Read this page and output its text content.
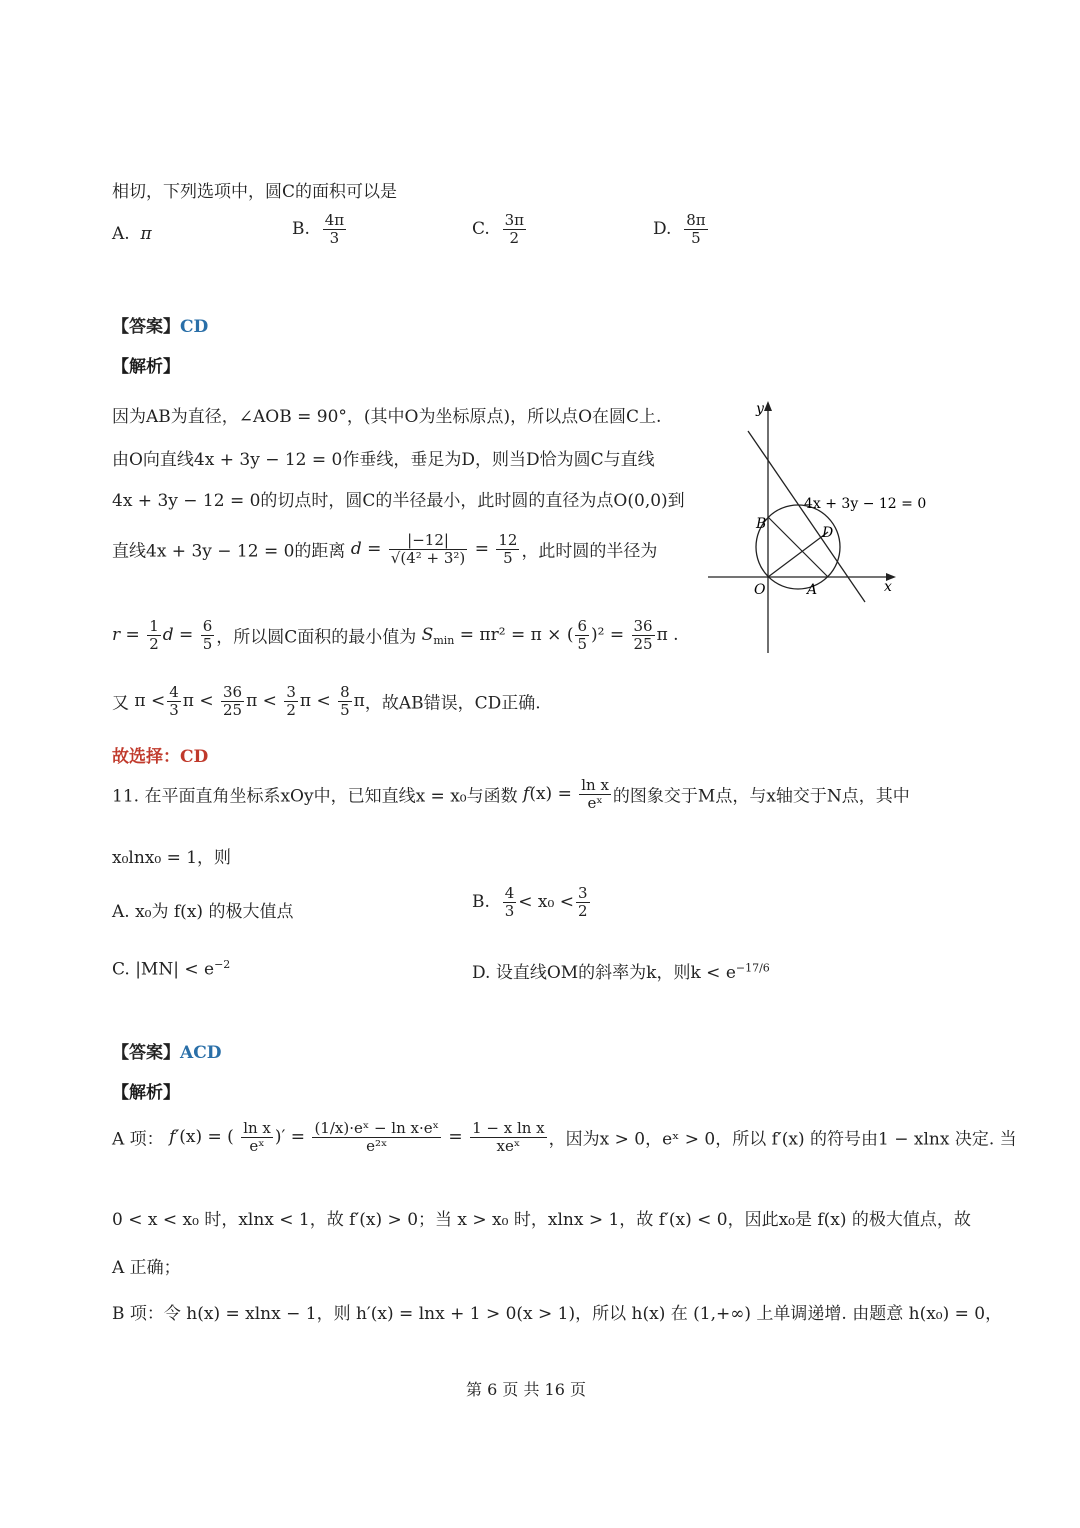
相切，下列选项中，圆C的面积可以是
A. π	B. $\frac{4\pi}{3}$	C. $\frac{3\pi}{2}$	D. $\frac{8\pi}{5}$
【答案】CD
【解析】
因为AB为直径，∠AOB = 90°，(其中O为坐标原点)，所以点O在圆C上.
由O向直线4x + 3y − 12 = 0作垂线，垂足为D，则当D恰为圆C与直线
4x + 3y − 12 = 0的切点时，圆C的半径最小，此时圆的直径为点O(0,0)到
直线4x + 3y − 12 = 0的距离 $d = \frac{|-12|}{\text{√(4² + 3²)}} = \frac{12}{5}$ ，此时圆的半径为
$r = \frac{1}{2}$ $d = \frac{6}{5}$ ，所以圆C面积的最小值为 $S_{min} = \pi r^2 = \pi$ × ( $\frac{6}{5} )^2 = \frac{36}{25}$ π .
又 $\pi < \frac{4}{3}$ $\pi < \frac{36}{25}$ $\pi < \frac{3}{2}$ $\pi < \frac{8}{5}$ π，故AB错误，CD正确.
故选择：CD
y
x
O	A
B
D
4x + 3y − 12 = 0
11. 在平面直角坐标系xOy中，已知直线x = x₀与函数 $f(x) = \frac{\text{ln x}}{\text{eˣ}}$ 的图象交于M点，与x轴交于N点，其中
x₀lnx₀ = 1，则
A. x₀为 f(x) 的极大值点	B. $\frac{4}{3} < x_0 < \frac{3}{2}$
C. $|MN| < e^{-2}$	D. 设直线OM的斜率为k，则$k < e^{-17/6}$
【答案】ACD
【解析】
A 项： f′(x) = ( $\frac{\text{ln x}}{\text{eˣ}}$ )′ = $\frac{\text{(1/x)·eˣ − ln x·eˣ}}{\text{e²ˣ}} = \frac{\text{1 − x ln x}}{\text{xeˣ}}$ ，因为x > 0，eˣ > 0，所以 f′(x) 的符号由1 − xlnx 决定. 当
0 < x < x₀ 时，xlnx < 1，故 f′(x) > 0；当 x > x₀ 时，xlnx > 1，故 f′(x) < 0，因此x₀是 f(x) 的极大值点，故
A 正确；
B 项：令 h(x) = xlnx − 1，则 h′(x) = lnx + 1 > 0(x > 1)，所以 h(x) 在 (1,+∞) 上单调递增. 由题意 h(x₀) = 0，
第 6 页 共 16 页
